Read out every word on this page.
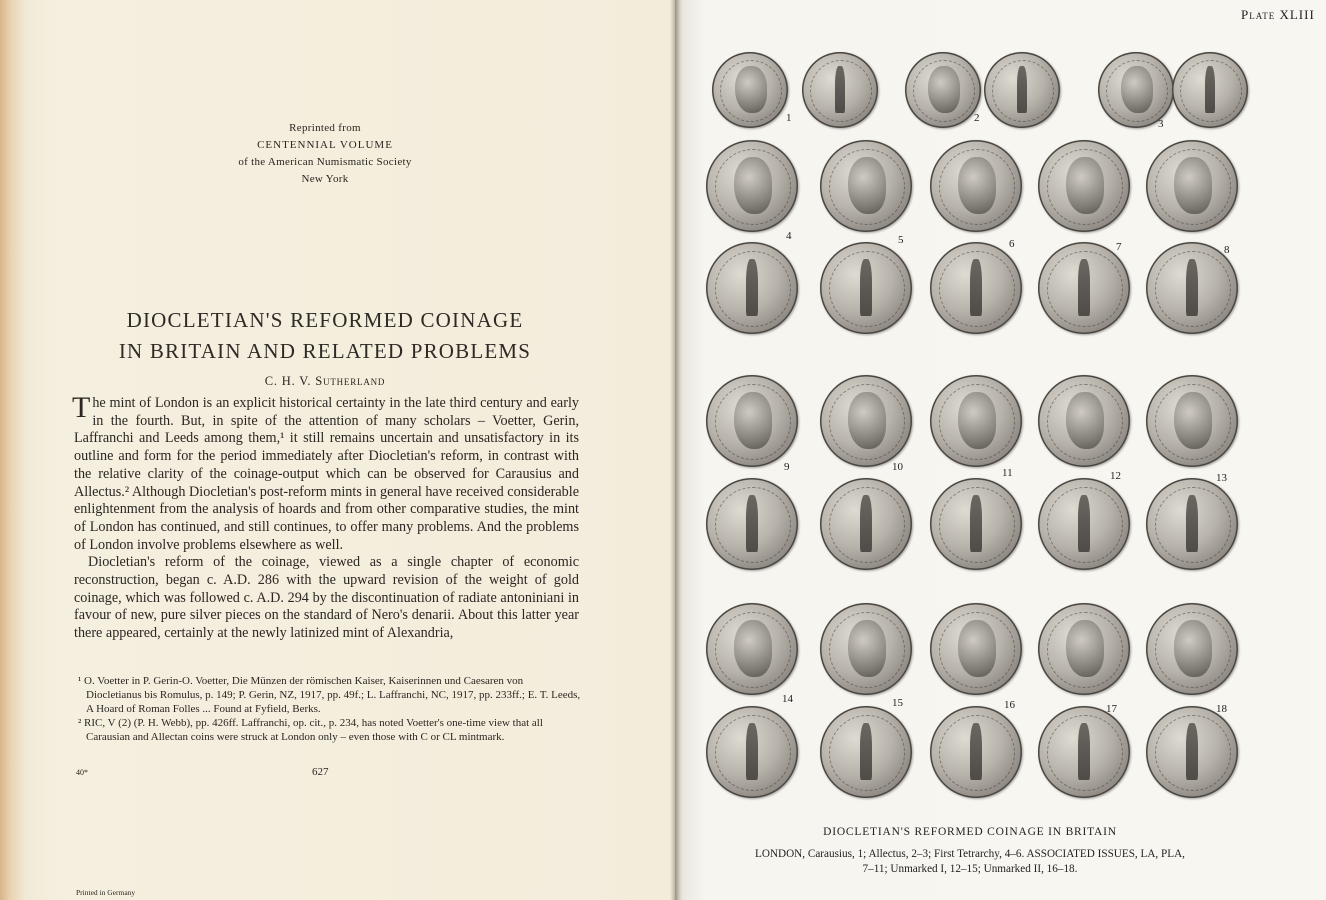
Reprinted from
CENTENNIAL VOLUME
of the American Numismatic Society
New York
DIOCLETIAN'S REFORMED COINAGE
IN BRITAIN AND RELATED PROBLEMS
C. H. V. Sutherland

The mint of London is an explicit historical certainty in the late third century and early in the fourth. But, in spite of the attention of many scholars – Voetter, Gerin, Laffranchi and Leeds among them,¹ it still remains uncertain and unsatisfactory in its outline and form for the period immediately after Diocletian's reform, in contrast with the relative clarity of the coinage-output which can be observed for Carausius and Allectus.² Although Diocletian's post-reform mints in general have received considerable enlightenment from the analysis of hoards and from other comparative studies, the mint of London has continued, and still continues, to offer many problems. And the problems of London involve problems elsewhere as well.

Diocletian's reform of the coinage, viewed as a single chapter of economic reconstruction, began c. A.D. 286 with the upward revision of the weight of gold coinage, which was followed c. A.D. 294 by the discontinuation of radiate antoniniani in favour of new, pure silver pieces on the standard of Nero's denarii. About this latter year there appeared, certainly at the newly latinized mint of Alexandria,

¹ O. Voetter in P. Gerin-O. Voetter, Die Münzen der römischen Kaiser, Kaiserinnen und Caesaren von Diocletianus bis Romulus, p. 149; P. Gerin, NZ, 1917, pp. 49f.; L. Laffranchi, NC, 1917, pp. 233ff.; E. T. Leeds, A Hoard of Roman Folles ... Found at Fyfield, Berks.
² RIC, V (2) (P. H. Webb), pp. 426ff. Laffranchi, op. cit., p. 234, has noted Voetter's one-time view that all Carausian and Allectan coins were struck at London only – even those with C or CL mintmark.
40*	627
Printed in Germany
Plate XLIII
1	2	3
4	5	6	7	8
9	10	11	12	13
14	15	16	17	18
DIOCLETIAN'S REFORMED COINAGE IN BRITAIN
LONDON, Carausius, 1; Allectus, 2–3; First Tetrarchy, 4–6. ASSOCIATED ISSUES, LA, PLA,
7–11; Unmarked I, 12–15; Unmarked II, 16–18.
